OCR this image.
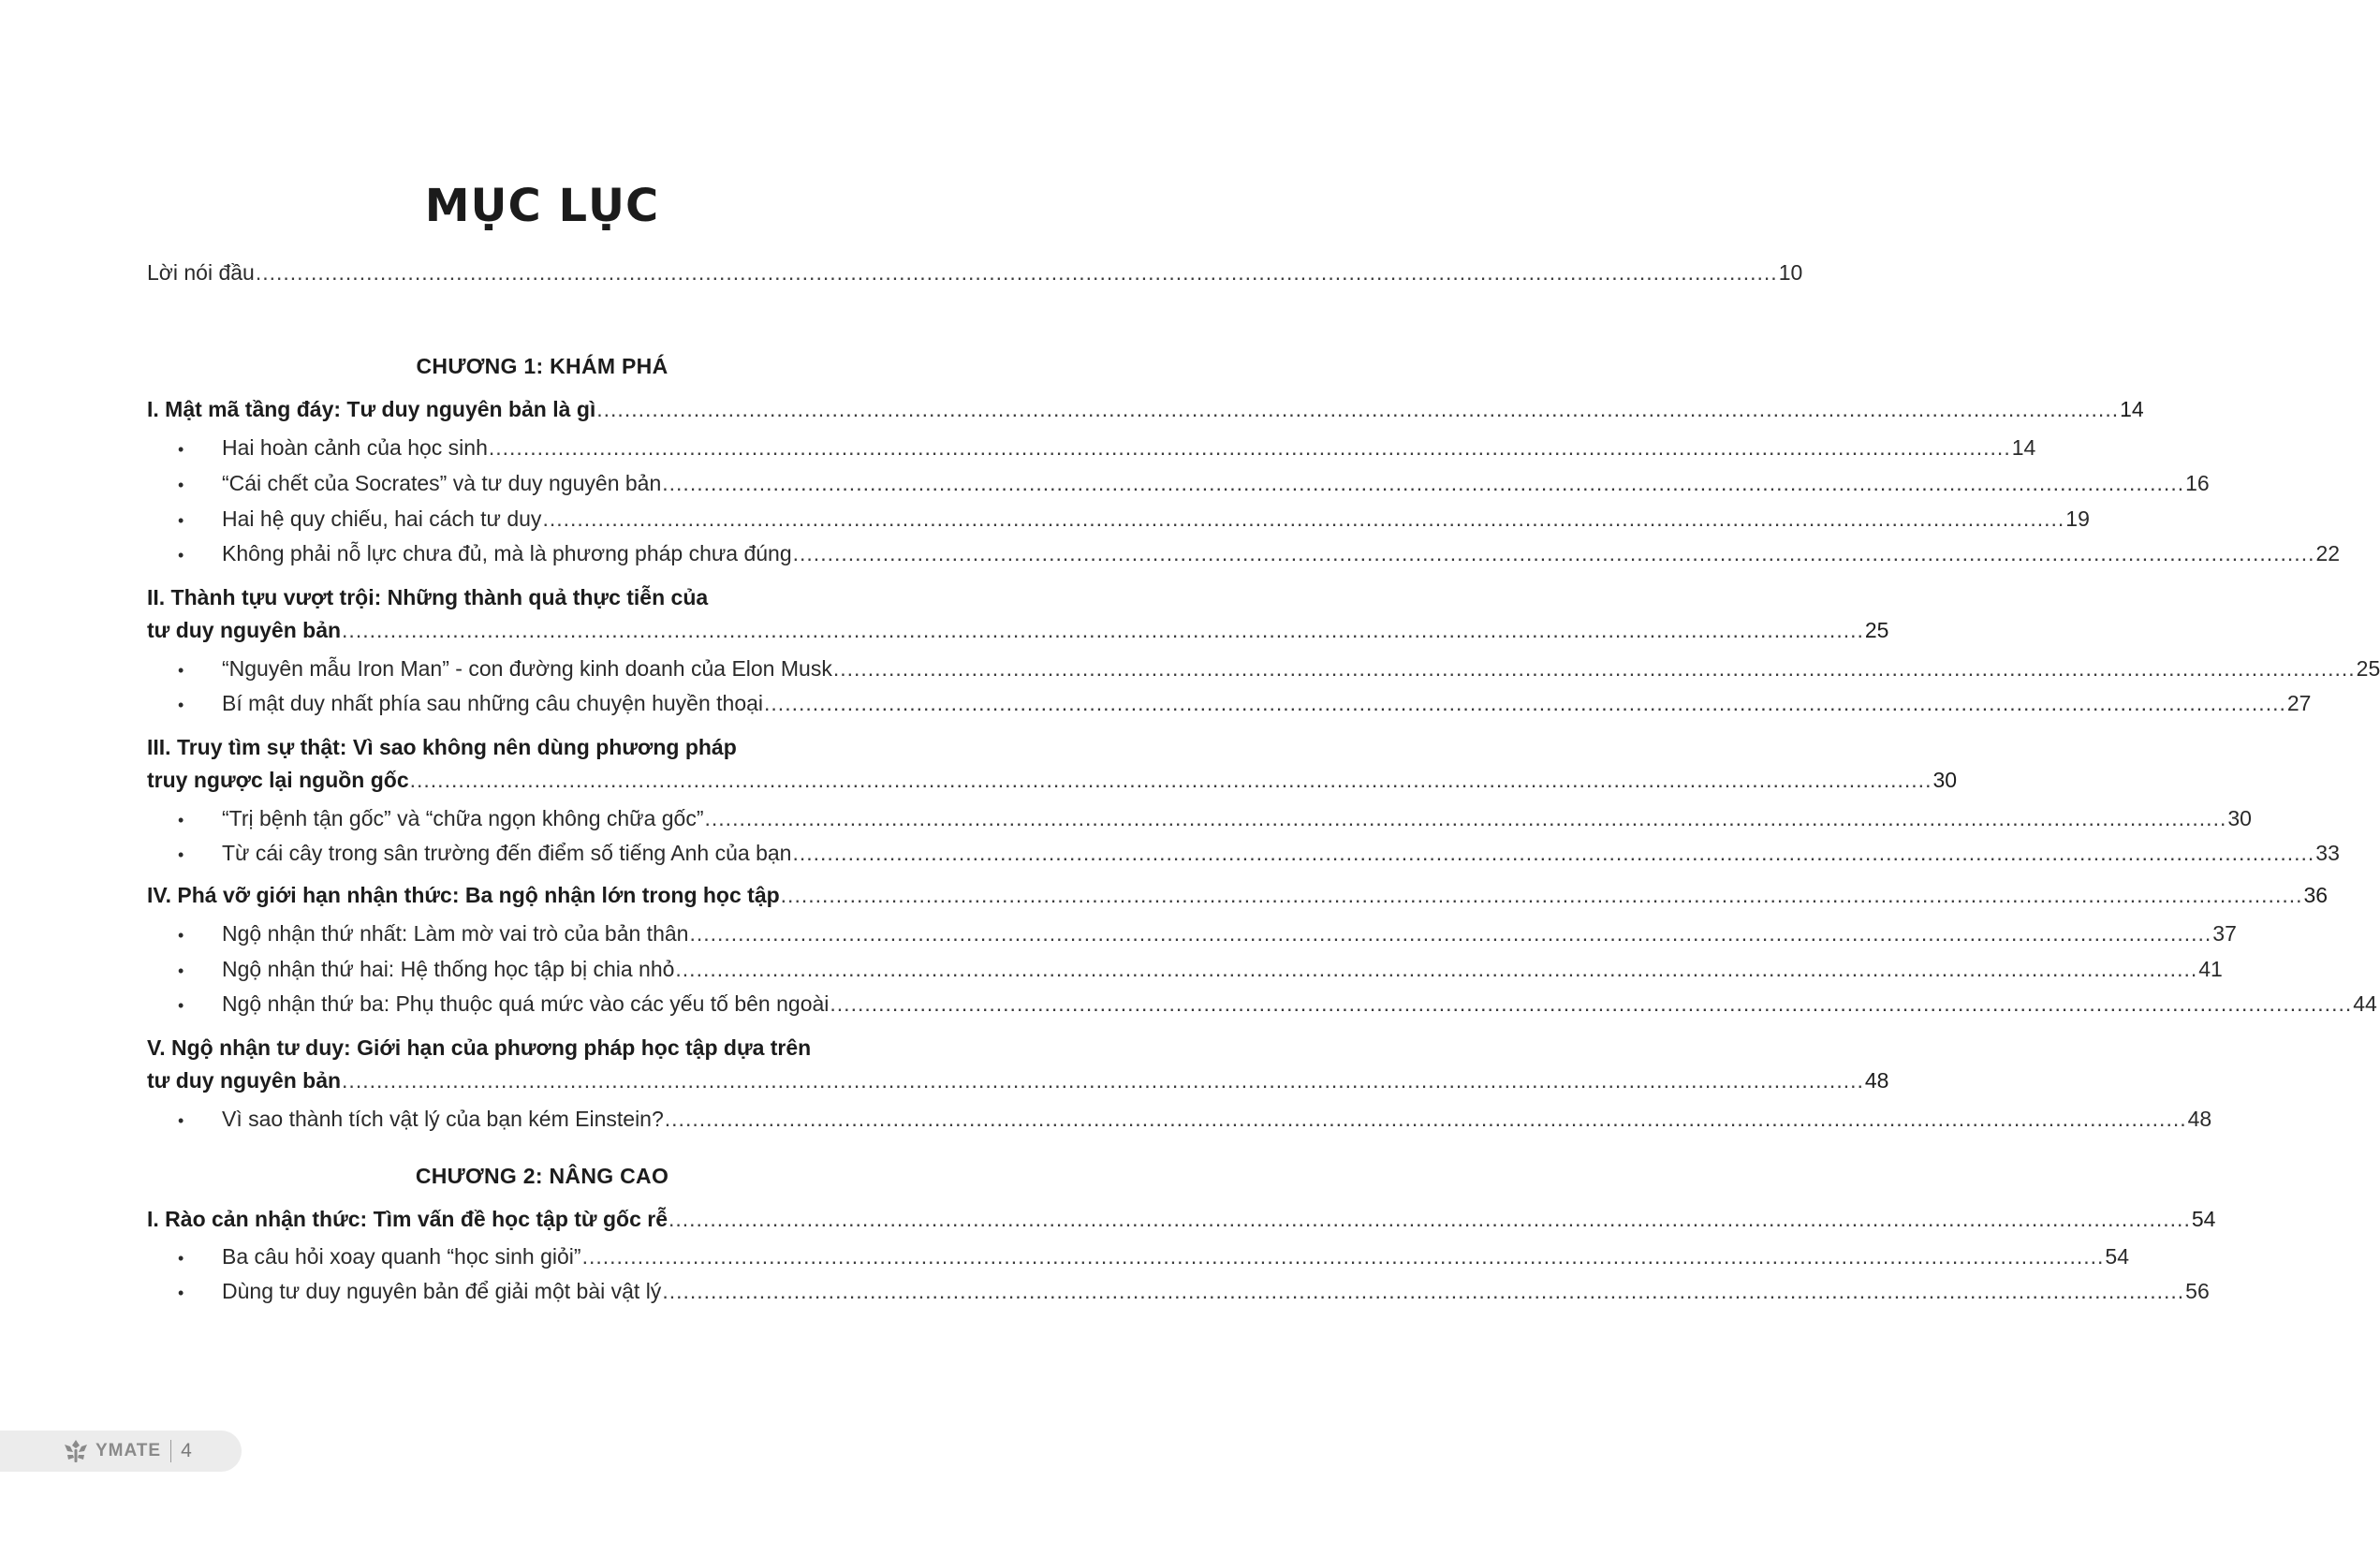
MỤC LỤC
Lời nói đầu ............................................................................................................................................................................................................................ 10
CHƯƠNG 1: KHÁM PHÁ
I. Mật mã tầng đáy: Tư duy nguyên bản là gì ............................................................................................................................................................................................................................ 14
•	Hai hoàn cảnh của học sinh ............................................................................................................................................................................................................................ 14
•	“Cái chết của Socrates” và tư duy nguyên bản ............................................................................................................................................................................................................................ 16
•	Hai hệ quy chiếu, hai cách tư duy ............................................................................................................................................................................................................................ 19
•	Không phải nỗ lực chưa đủ, mà là phương pháp chưa đúng ............................................................................................................................................................................................................................ 22
II. Thành tựu vượt trội: Những thành quả thực tiễn của
tư duy nguyên bản ............................................................................................................................................................................................................................ 25
•	“Nguyên mẫu Iron Man” - con đường kinh doanh của Elon Musk ............................................................................................................................................................................................................................ 25
•	Bí mật duy nhất phía sau những câu chuyện huyền thoại ............................................................................................................................................................................................................................ 27
III. Truy tìm sự thật: Vì sao không nên dùng phương pháp
truy ngược lại nguồn gốc ............................................................................................................................................................................................................................ 30
•	“Trị bệnh tận gốc” và “chữa ngọn không chữa gốc” ............................................................................................................................................................................................................................ 30
•	Từ cái cây trong sân trường đến điểm số tiếng Anh của bạn ............................................................................................................................................................................................................................ 33
IV. Phá vỡ giới hạn nhận thức: Ba ngộ nhận lớn trong học tập ............................................................................................................................................................................................................................ 36
•	Ngộ nhận thứ nhất: Làm mờ vai trò của bản thân ............................................................................................................................................................................................................................ 37
•	Ngộ nhận thứ hai: Hệ thống học tập bị chia nhỏ ............................................................................................................................................................................................................................ 41
•	Ngộ nhận thứ ba: Phụ thuộc quá mức vào các yếu tố bên ngoài ............................................................................................................................................................................................................................ 44
V. Ngộ nhận tư duy: Giới hạn của phương pháp học tập dựa trên
tư duy nguyên bản ............................................................................................................................................................................................................................ 48
•	Vì sao thành tích vật lý của bạn kém Einstein? ............................................................................................................................................................................................................................ 48
CHƯƠNG 2: NÂNG CAO
I. Rào cản nhận thức: Tìm vấn đề học tập từ gốc rễ ............................................................................................................................................................................................................................ 54
•	Ba câu hỏi xoay quanh “học sinh giỏi” ............................................................................................................................................................................................................................ 54
•	Dùng tư duy nguyên bản để giải một bài vật lý ............................................................................................................................................................................................................................ 56
YMATE 4
